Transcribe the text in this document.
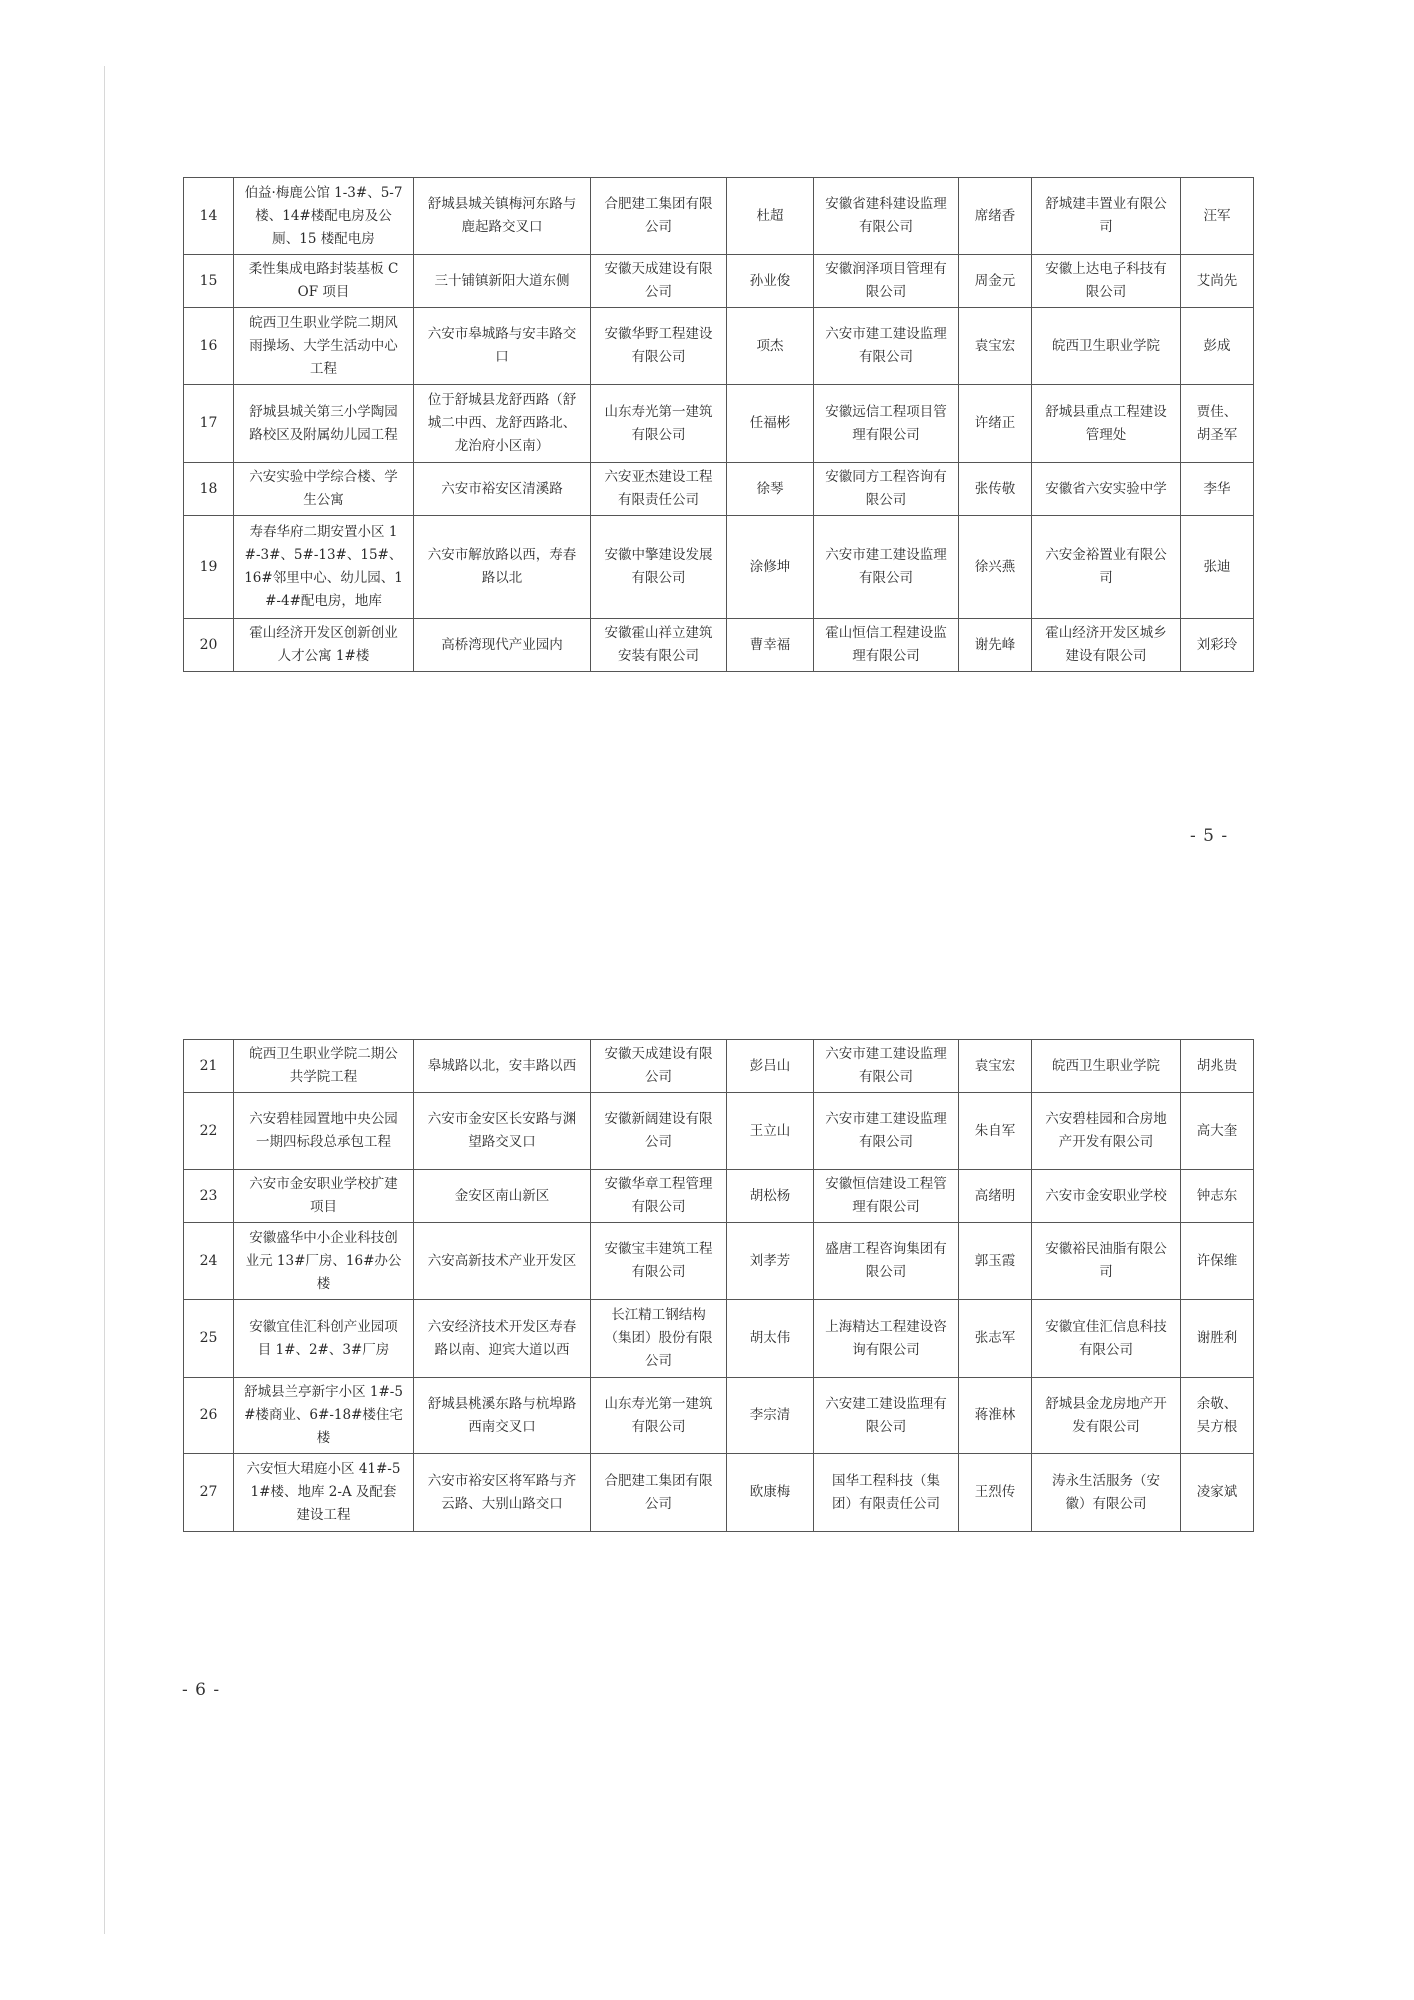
14	伯益·梅鹿公馆 1-3#、5-7 楼、14#楼配电房及公厕、15 楼配电房	舒城县城关镇梅河东路与鹿起路交叉口	合肥建工集团有限公司	杜超	安徽省建科建设监理有限公司	席绪香	舒城建丰置业有限公司	汪军
15	柔性集成电路封装基板 COF 项目	三十铺镇新阳大道东侧	安徽天成建设有限公司	孙业俊	安徽润泽项目管理有限公司	周金元	安徽上达电子科技有限公司	艾尚先
16	皖西卫生职业学院二期风雨操场、大学生活动中心工程	六安市皋城路与安丰路交口	安徽华野工程建设有限公司	项杰	六安市建工建设监理有限公司	袁宝宏	皖西卫生职业学院	彭成
17	舒城县城关第三小学陶园路校区及附属幼儿园工程	位于舒城县龙舒西路（舒城二中西、龙舒西路北、龙治府小区南）	山东寿光第一建筑有限公司	任福彬	安徽远信工程项目管理有限公司	许绪正	舒城县重点工程建设管理处	贾佳、胡圣军
18	六安实验中学综合楼、学生公寓	六安市裕安区清溪路	六安亚杰建设工程有限责任公司	徐琴	安徽同方工程咨询有限公司	张传敬	安徽省六安实验中学	李华
19	寿春华府二期安置小区 1#-3#、5#-13#、15#、16#邻里中心、幼儿园、1#-4#配电房，地库	六安市解放路以西，寿春路以北	安徽中擎建设发展有限公司	涂修坤	六安市建工建设监理有限公司	徐兴燕	六安金裕置业有限公司	张迪
20	霍山经济开发区创新创业人才公寓 1#楼	高桥湾现代产业园内	安徽霍山祥立建筑安装有限公司	曹幸福	霍山恒信工程建设监理有限公司	谢先峰	霍山经济开发区城乡建设有限公司	刘彩玲
- 5 -
21	皖西卫生职业学院二期公共学院工程	皋城路以北，安丰路以西	安徽天成建设有限公司	彭吕山	六安市建工建设监理有限公司	袁宝宏	皖西卫生职业学院	胡兆贵
22	六安碧桂园置地中央公园一期四标段总承包工程	六安市金安区长安路与渊望路交叉口	安徽新阔建设有限公司	王立山	六安市建工建设监理有限公司	朱自军	六安碧桂园和合房地产开发有限公司	高大奎
23	六安市金安职业学校扩建项目	金安区南山新区	安徽华章工程管理有限公司	胡松杨	安徽恒信建设工程管理有限公司	高绪明	六安市金安职业学校	钟志东
24	安徽盛华中小企业科技创业元 13#厂房、16#办公楼	六安高新技术产业开发区	安徽宝丰建筑工程有限公司	刘孝芳	盛唐工程咨询集团有限公司	郭玉霞	安徽裕民油脂有限公司	许保维
25	安徽宜佳汇科创产业园项目 1#、2#、3#厂房	六安经济技术开发区寿春路以南、迎宾大道以西	长江精工钢结构（集团）股份有限公司	胡太伟	上海精达工程建设咨询有限公司	张志军	安徽宜佳汇信息科技有限公司	谢胜利
26	舒城县兰亭新宇小区 1#-5#楼商业、6#-18#楼住宅楼	舒城县桃溪东路与杭埠路西南交叉口	山东寿光第一建筑有限公司	李宗清	六安建工建设监理有限公司	蒋淮林	舒城县金龙房地产开发有限公司	余敬、吴方根
27	六安恒大珺庭小区 41#-51#楼、地库 2-A 及配套建设工程	六安市裕安区将军路与齐云路、大别山路交口	合肥建工集团有限公司	欧康梅	国华工程科技（集团）有限责任公司	王烈传	涛永生活服务（安徽）有限公司	凌家斌
- 6 -
